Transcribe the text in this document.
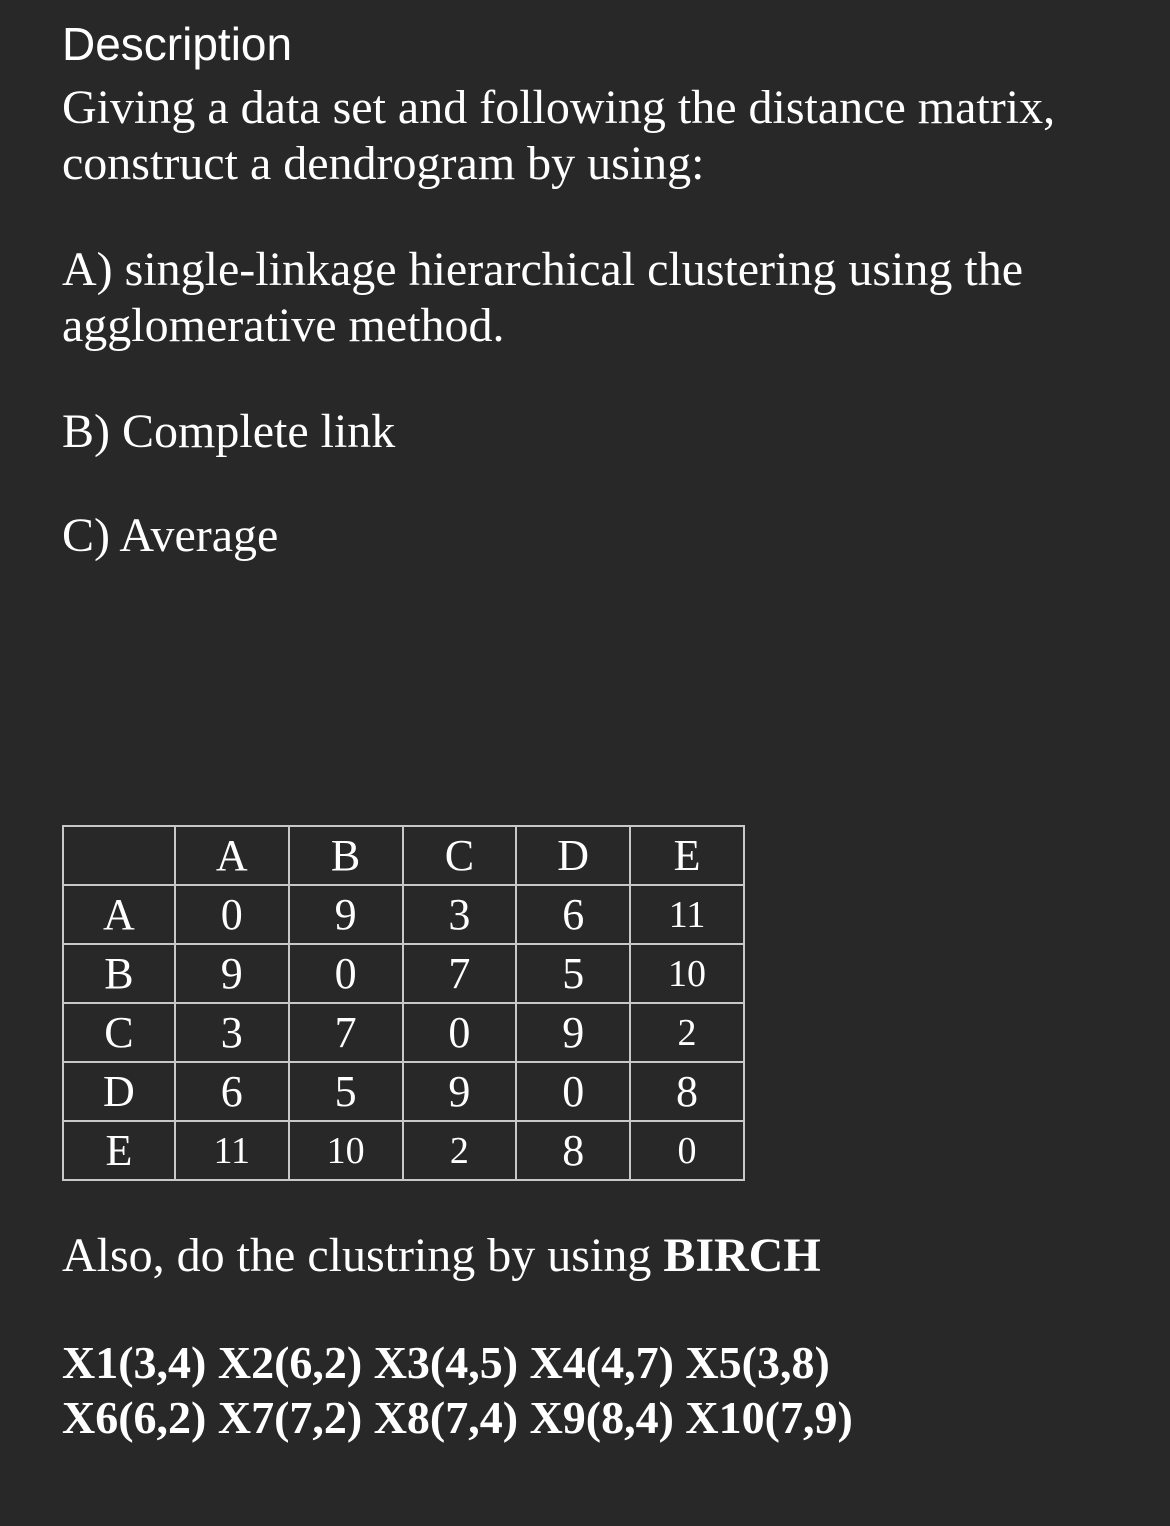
Description

Giving a data set and following the distance matrix, construct a dendrogram by using:

A) single-linkage hierarchical clustering using the agglomerative method.

B) Complete link

C) Average

	A	B	C	D	E
A	0	9	3	6	11
B	9	0	7	5	10
C	3	7	0	9	2
D	6	5	9	0	8
E	11	10	2	8	0

Also, do the clustring by using BIRCH

X1(3,4) X2(6,2) X3(4,5) X4(4,7) X5(3,8)

X6(6,2) X7(7,2) X8(7,4) X9(8,4) X10(7,9)
